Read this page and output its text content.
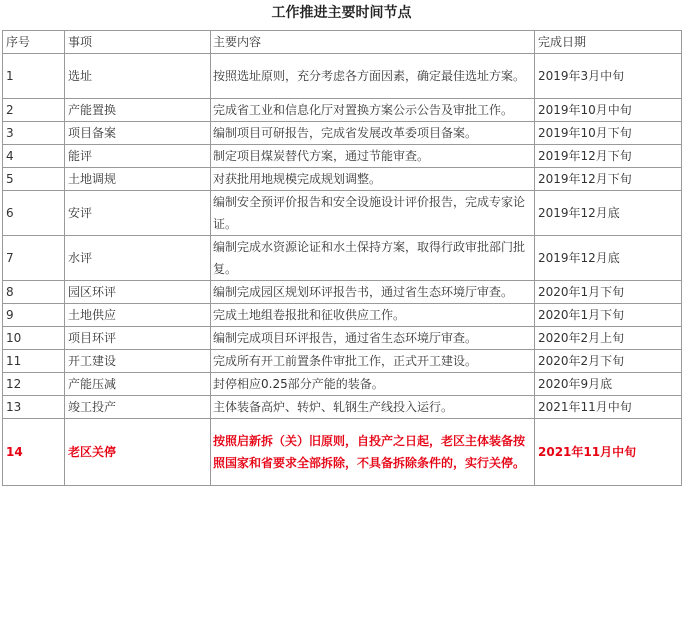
工作推进主要时间节点
序号	事项	主要内容	完成日期
1	选址	按照选址原则，充分考虑各方面因素，确定最佳选址方案。	2019年3月中旬
2	产能置换	完成省工业和信息化厅对置换方案公示公告及审批工作。	2019年10月中旬
3	项目备案	编制项目可研报告，完成省发展改革委项目备案。	2019年10月下旬
4	能评	制定项目煤炭替代方案，通过节能审查。	2019年12月下旬
5	土地调规	对获批用地规模完成规划调整。	2019年12月下旬
6	安评	编制安全预评价报告和安全设施设计评价报告，完成专家论证。	2019年12月底
7	水评	编制完成水资源论证和水土保持方案，取得行政审批部门批复。	2019年12月底
8	园区环评	编制完成园区规划环评报告书，通过省生态环境厅审查。	2020年1月下旬
9	土地供应	完成土地组卷报批和征收供应工作。	2020年1月下旬
10	项目环评	编制完成项目环评报告，通过省生态环境厅审查。	2020年2月上旬
11	开工建设	完成所有开工前置条件审批工作，正式开工建设。	2020年2月下旬
12	产能压减	封停相应0.25部分产能的装备。	2020年9月底
13	竣工投产	主体装备高炉、转炉、轧钢生产线投入运行。	2021年11月中旬
14	老区关停	按照启新拆（关）旧原则，自投产之日起，老区主体装备按照国家和省要求全部拆除，不具备拆除条件的，实行关停。	2021年11月中旬
